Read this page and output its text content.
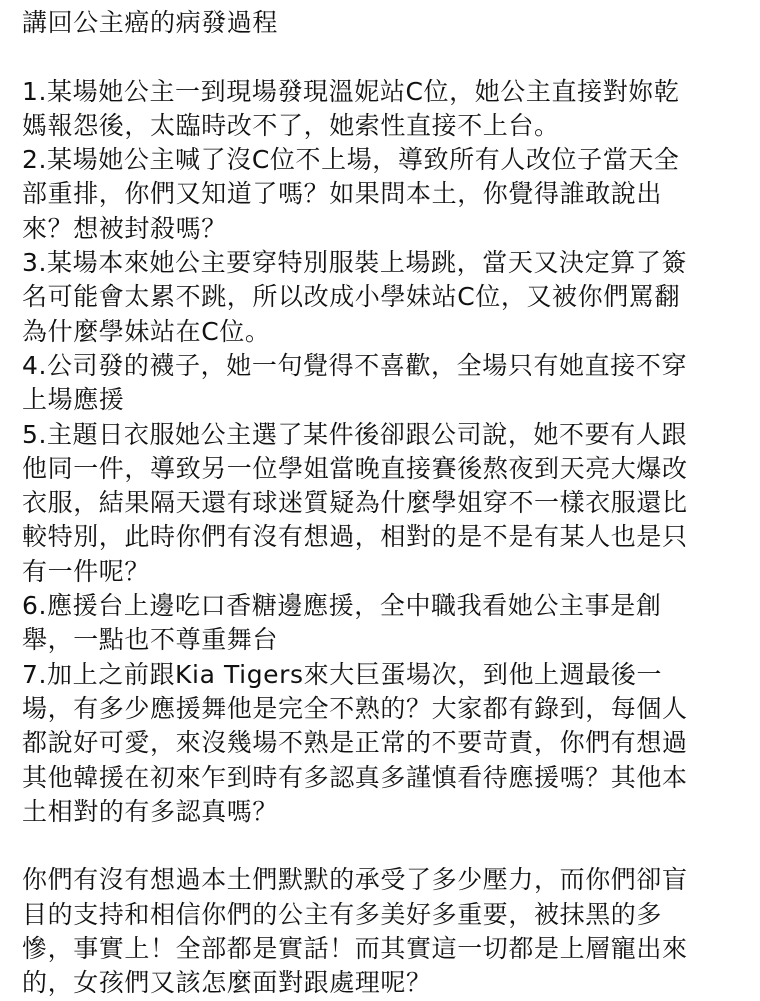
講回公主癌的病發過程
1.某場她公主一到現場發現溫妮站C位，她公主直接對妳乾
媽報怨後，太臨時改不了，她索性直接不上台。
2.某場她公主喊了沒C位不上場，導致所有人改位子當天全
部重排，你們又知道了嗎？如果問本土，你覺得誰敢說出
來？想被封殺嗎？
3.某場本來她公主要穿特別服裝上場跳，當天又決定算了簽
名可能會太累不跳，所以改成小學妹站C位，又被你們罵翻
為什麼學妹站在C位。
4.公司發的襪子，她一句覺得不喜歡，全場只有她直接不穿
上場應援
5.主題日衣服她公主選了某件後卻跟公司說，她不要有人跟
他同一件，導致另一位學姐當晚直接賽後熬夜到天亮大爆改
衣服，結果隔天還有球迷質疑為什麼學姐穿不一樣衣服還比
較特別，此時你們有沒有想過，相對的是不是有某人也是只
有一件呢？
6.應援台上邊吃口香糖邊應援，全中職我看她公主事是創
舉，一點也不尊重舞台
7.加上之前跟Kia Tigers來大巨蛋場次，到他上週最後一
場，有多少應援舞他是完全不熟的？大家都有錄到，每個人
都說好可愛，來沒幾場不熟是正常的不要苛責，你們有想過
其他韓援在初來乍到時有多認真多謹慎看待應援嗎？其他本
土相對的有多認真嗎？
你們有沒有想過本土們默默的承受了多少壓力，而你們卻盲
目的支持和相信你們的公主有多美好多重要，被抹黑的多
慘，事實上！全部都是實話！而其實這一切都是上層寵出來
的，女孩們又該怎麼面對跟處理呢？
